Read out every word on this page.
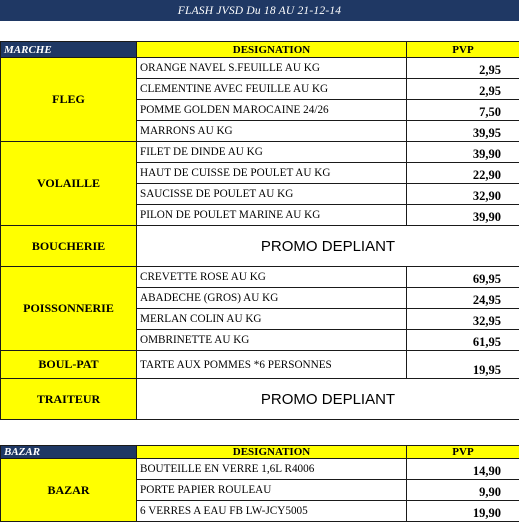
FLASH JVSD Du 18 AU 21-12-14
MARCHE	DESIGNATION	PVP
FLEG	ORANGE NAVEL S.FEUILLE AU KG	2,95
	CLEMENTINE AVEC FEUILLE AU KG	2,95
	POMME GOLDEN MAROCAINE 24/26	7,50
	MARRONS AU KG	39,95
VOLAILLE	FILET DE DINDE AU KG	39,90
	HAUT DE CUISSE DE POULET AU KG	22,90
	SAUCISSE DE POULET AU KG	32,90
	PILON DE POULET MARINE AU KG	39,90
BOUCHERIE	PROMO DEPLIANT	
POISSONNERIE	CREVETTE ROSE AU KG	69,95
	ABADECHE (GROS) AU KG	24,95
	MERLAN COLIN AU KG	32,95
	OMBRINETTE AU KG	61,95
BOUL-PAT	TARTE AUX POMMES *6 PERSONNES	19,95
TRAITEUR	PROMO DEPLIANT	
BAZAR	DESIGNATION	PVP
BAZAR	BOUTEILLE EN VERRE 1,6L R4006	14,90
	PORTE PAPIER ROULEAU	9,90
	6 VERRES A EAU FB LW-JCY5005	19,90
